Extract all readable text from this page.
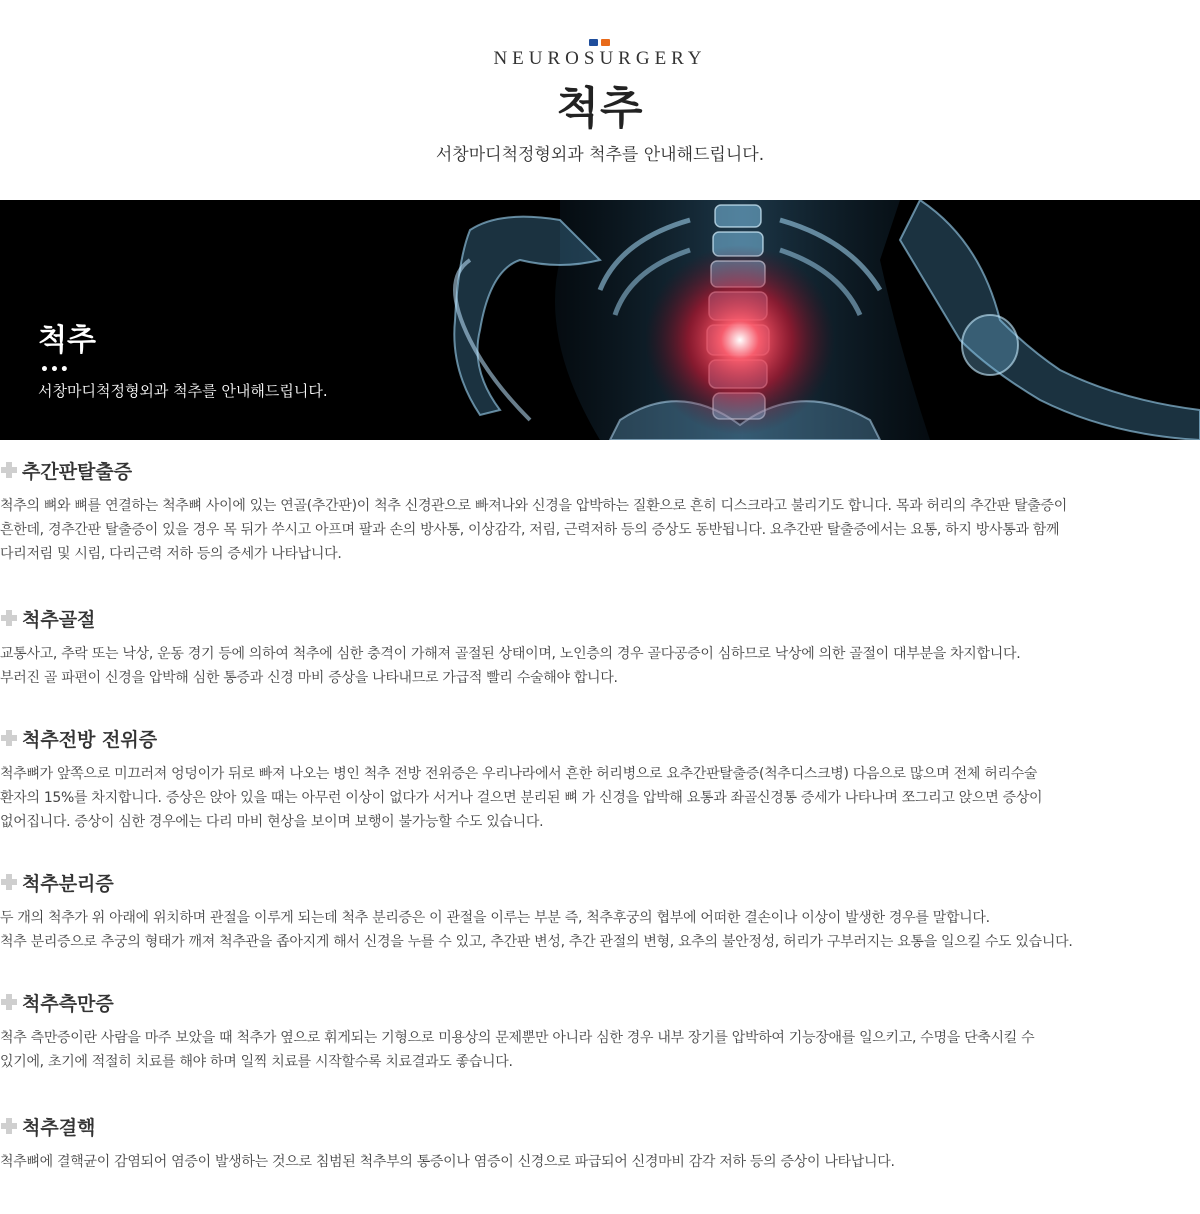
NEUROSURGERY
척추
서창마디척정형외과 척추를 안내해드립니다.
척추
•••
서창마디척정형외과 척추를 안내해드립니다.
추간판탈출증

척추의 뼈와 뼈를 연결하는 척추뼈 사이에 있는 연골(추간판)이 척추 신경관으로 빠져나와 신경을 압박하는 질환으로 흔히 디스크라고 불리기도 합니다. 목과 허리의 추간판 탈출증이

흔한데, 경추간판 탈출증이 있을 경우 목 뒤가 쑤시고 아프며 팔과 손의 방사통, 이상감각, 저림, 근력저하 등의 증상도 동반됩니다. 요추간판 탈출증에서는 요통, 하지 방사통과 함께

다리저림 및 시림, 다리근력 저하 등의 증세가 나타납니다.

척추골절

교통사고, 추락 또는 낙상, 운동 경기 등에 의하여 척추에 심한 충격이 가해져 골절된 상태이며, 노인층의 경우 골다공증이 심하므로 낙상에 의한 골절이 대부분을 차지합니다.

부러진 골 파편이 신경을 압박해 심한 통증과 신경 마비 증상을 나타내므로 가급적 빨리 수술해야 합니다.

척추전방 전위증

척추뼈가 앞쪽으로 미끄러져 엉덩이가 뒤로 빠져 나오는 병인 척추 전방 전위증은 우리나라에서 흔한 허리병으로 요추간판탈출증(척추디스크병) 다음으로 많으며 전체 허리수술

환자의 15%를 차지합니다. 증상은 앉아 있을 때는 아무런 이상이 없다가 서거나 걸으면 분리된 뼈 가 신경을 압박해 요통과 좌골신경통 증세가 나타나며 쪼그리고 앉으면 증상이

없어집니다. 증상이 심한 경우에는 다리 마비 현상을 보이며 보행이 불가능할 수도 있습니다.

척추분리증

두 개의 척추가 위 아래에 위치하며 관절을 이루게 되는데 척추 분리증은 이 관절을 이루는 부분 즉, 척추후궁의 협부에 어떠한 결손이나 이상이 발생한 경우를 말합니다.

척추 분리증으로 추궁의 형태가 깨져 척추관을 좁아지게 해서 신경을 누를 수 있고, 추간판 변성, 추간 관절의 변형, 요추의 불안정성, 허리가 구부러지는 요통을 일으킬 수도 있습니다.

척추측만증

척추 측만증이란 사람을 마주 보았을 때 척추가 옆으로 휘게되는 기형으로 미용상의 문제뿐만 아니라 심한 경우 내부 장기를 압박하여 기능장애를 일으키고, 수명을 단축시킬 수

있기에, 초기에 적절히 치료를 해야 하며 일찍 치료를 시작할수록 치료결과도 좋습니다.

척추결핵

척추뼈에 결핵균이 감염되어 염증이 발생하는 것으로 침범된 척추부의 통증이나 염증이 신경으로 파급되어 신경마비 감각 저하 등의 증상이 나타납니다.
